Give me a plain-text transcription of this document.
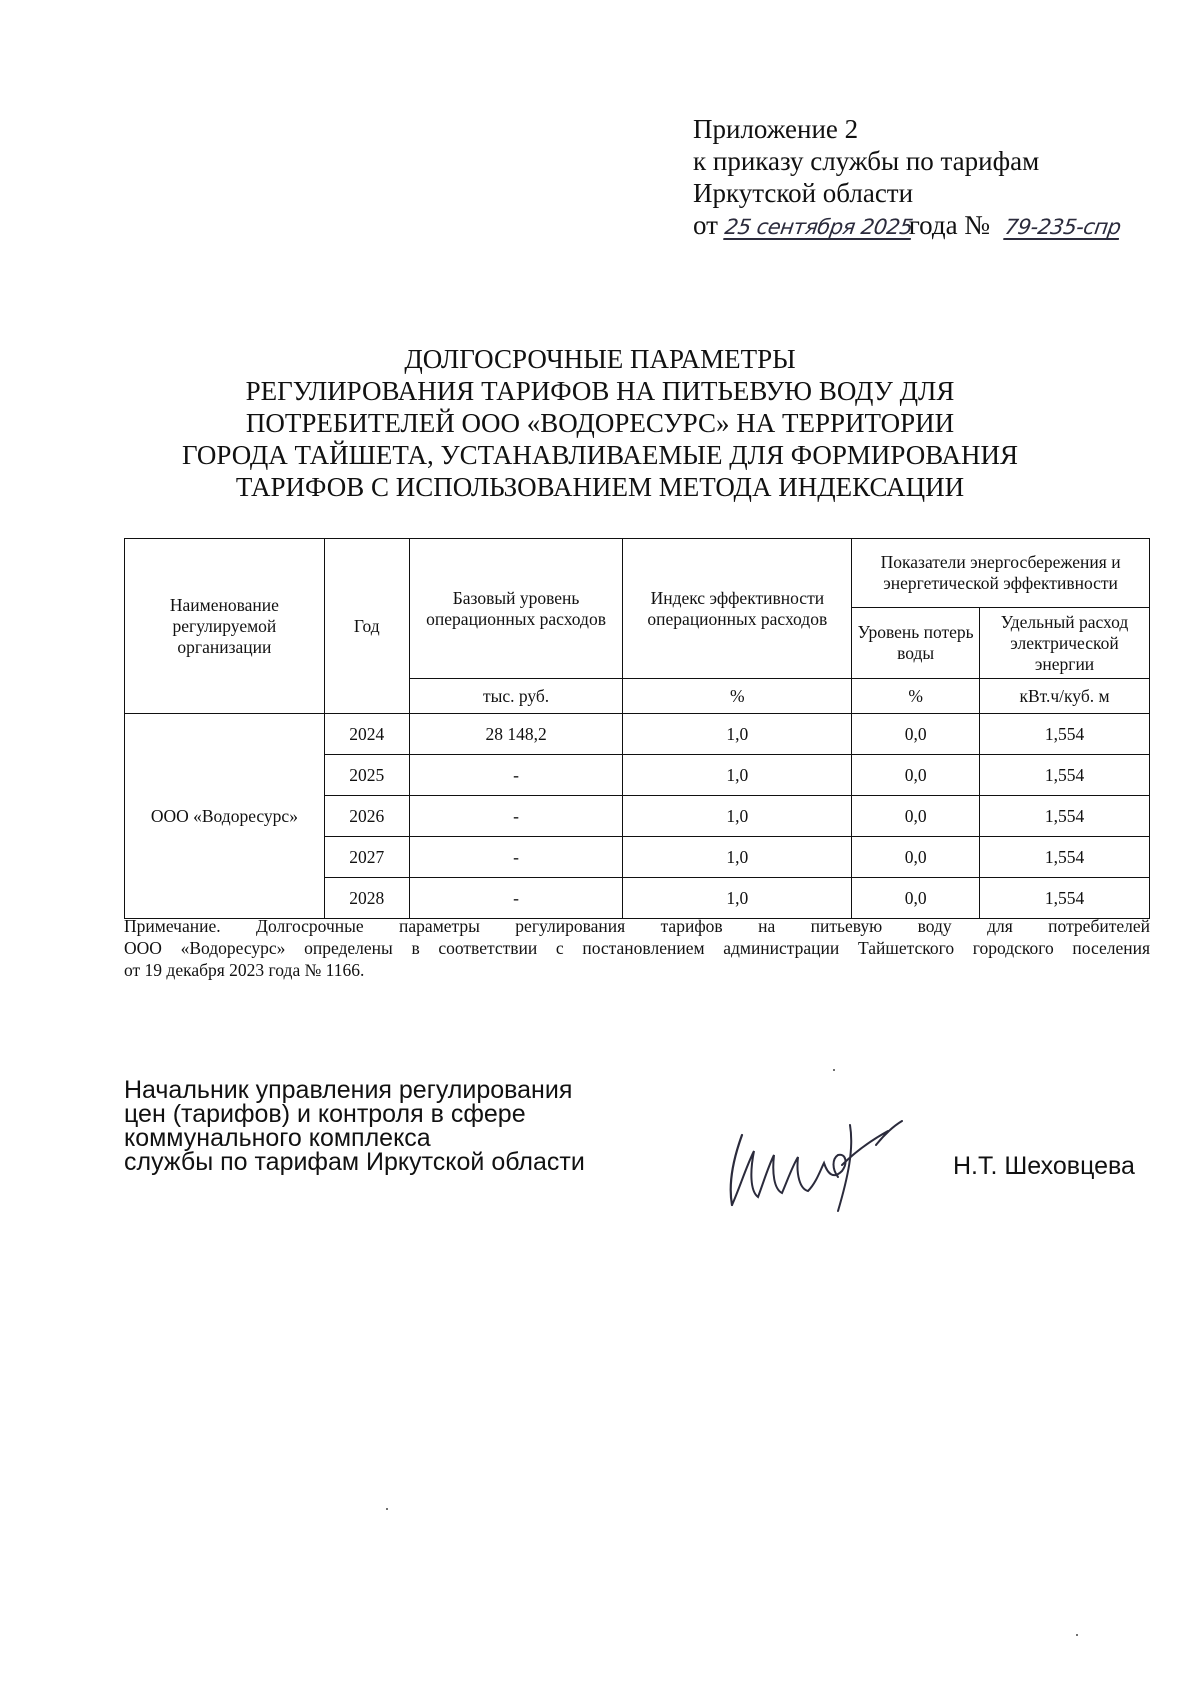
Приложение 2
к приказу службы по тарифам
Иркутской области
от 25 сентября 2025года № 79-235-спр
ДОЛГОСРОЧНЫЕ ПАРАМЕТРЫ
РЕГУЛИРОВАНИЯ ТАРИФОВ НА ПИТЬЕВУЮ ВОДУ ДЛЯ
ПОТРЕБИТЕЛЕЙ ООО «ВОДОРЕСУРС» НА ТЕРРИТОРИИ
ГОРОДА ТАЙШЕТА, УСТАНАВЛИВАЕМЫЕ ДЛЯ ФОРМИРОВАНИЯ
ТАРИФОВ С ИСПОЛЬЗОВАНИЕМ МЕТОДА ИНДЕКСАЦИИ
Наименование регулируемой организации	Год	Базовый уровень операционных расходов	Индекс эффективности операционных расходов	Показатели энергосбережения и энергетической эффективности	
				Уровень потерь воды	Удельный расход электрической энергии
		тыс. руб.	%	%	кВт.ч/куб. м
ООО «Водоресурс»	2024	28 148,2	1,0	0,0	1,554
	2025	-	1,0	0,0	1,554
	2026	-	1,0	0,0	1,554
	2027	-	1,0	0,0	1,554
	2028	-	1,0	0,0	1,554
Примечание. Долгосрочные параметры регулирования тарифов на питьевую воду для потребителей
ООО «Водоресурс» определены в соответствии с постановлением администрации Тайшетского городского поселения
от 19 декабря 2023 года № 1166.
Начальник управления регулирования
цен (тарифов) и контроля в сфере
коммунального комплекса
службы по тарифам Иркутской области	Н.Т. Шеховцева
